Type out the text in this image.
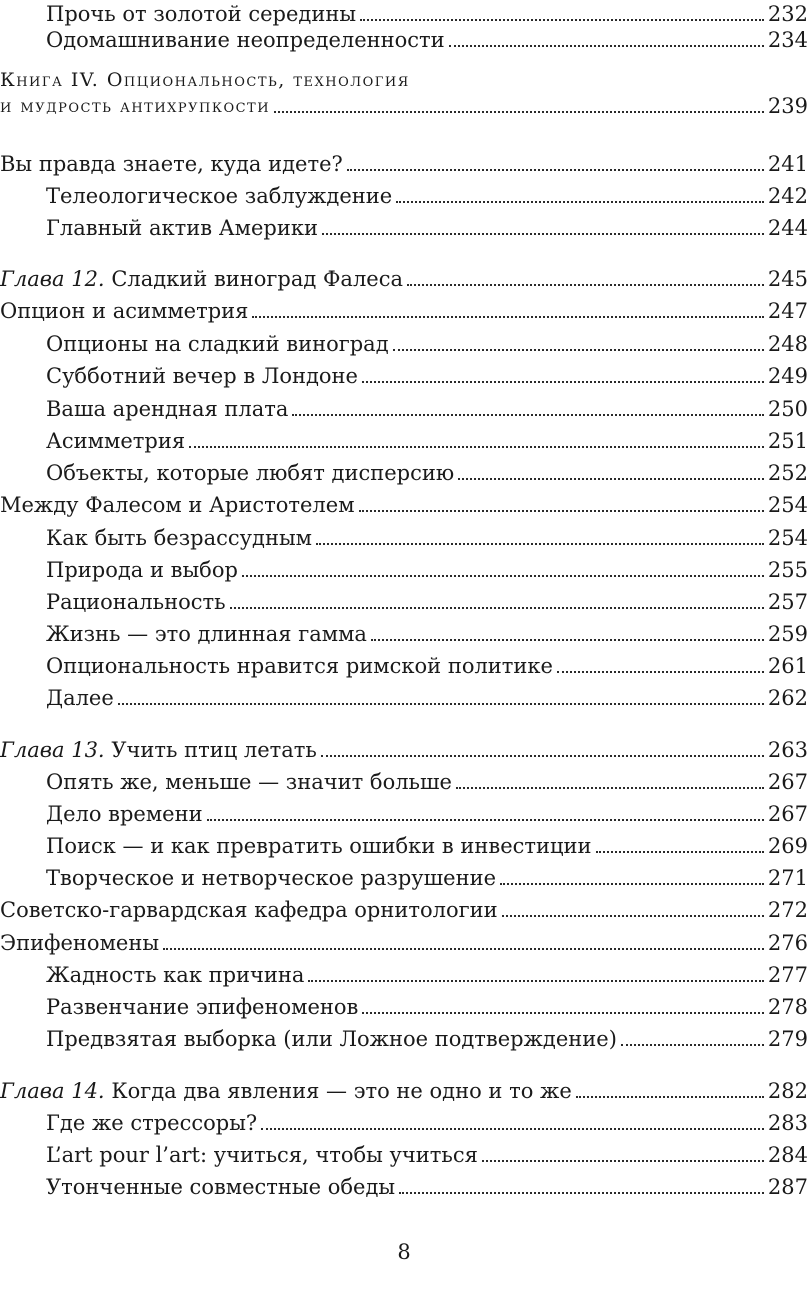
Прочь от золотой середины	232
Одомашнивание неопределенности	234
Книга IV. Опциональность, технология
и мудрость антихрупкости	239
Вы правда знаете, куда идете?	241
Телеологическое заблуждение	242
Главный актив Америки	244
Глава 12. Сладкий виноград Фалеса	245
Опцион и асимметрия	247
Опционы на сладкий виноград	248
Субботний вечер в Лондоне	249
Ваша арендная плата	250
Асимметрия	251
Объекты, которые любят дисперсию	252
Между Фалесом и Аристотелем	254
Как быть безрассудным	254
Природа и выбор	255
Рациональность	257
Жизнь — это длинная гамма	259
Опциональность нравится римской политике	261
Далее	262
Глава 13. Учить птиц летать	263
Опять же, меньше — значит больше	267
Дело времени	267
Поиск — и как превратить ошибки в инвестиции	269
Творческое и нетворческое разрушение	271
Советско-гарвардская кафедра орнитологии	272
Эпифеномены	276
Жадность как причина	277
Развенчание эпифеноменов	278
Предвзятая выборка (или Ложное подтверждение)	279
Глава 14. Когда два явления — это не одно и то же	282
Где же стрессоры?	283
L’art pour l’art: учиться, чтобы учиться	284
Утонченные совместные обеды	287
8
